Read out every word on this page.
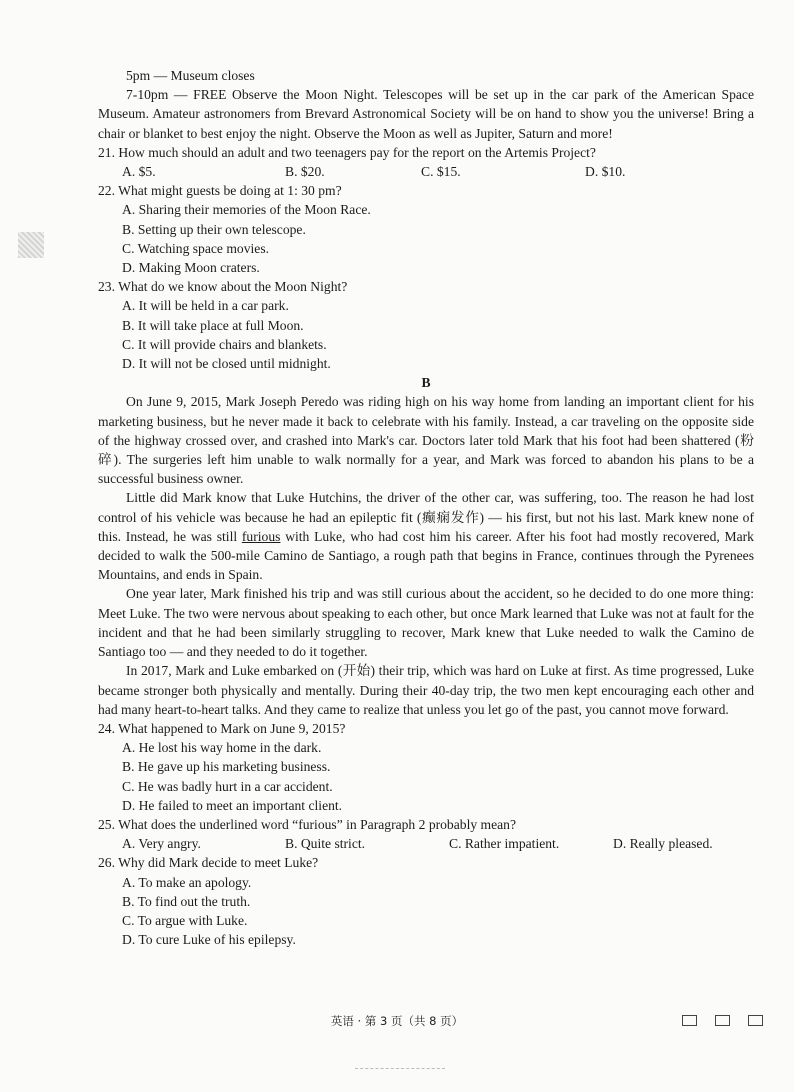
5pm — Museum closes

7-10pm — FREE Observe the Moon Night. Telescopes will be set up in the car park of the American Space Museum. Amateur astronomers from Brevard Astronomical Society will be on hand to show you the universe! Bring a chair or blanket to best enjoy the night. Observe the Moon as well as Jupiter, Saturn and more!

21. How much should an adult and two teenagers pay for the report on the Artemis Project?

A. $5.	B. $20.	C. $15.	D. $10.

22. What might guests be doing at 1: 30 pm?

A. Sharing their memories of the Moon Race.

B. Setting up their own telescope.

C. Watching space movies.

D. Making Moon craters.

23. What do we know about the Moon Night?

A. It will be held in a car park.

B. It will take place at full Moon.

C. It will provide chairs and blankets.

D. It will not be closed until midnight.

B

On June 9, 2015, Mark Joseph Peredo was riding high on his way home from landing an important client for his marketing business, but he never made it back to celebrate with his family. Instead, a car traveling on the opposite side of the highway crossed over, and crashed into Mark's car. Doctors later told Mark that his foot had been shattered (粉碎). The surgeries left him unable to walk normally for a year, and Mark was forced to abandon his plans to be a successful business owner.

Little did Mark know that Luke Hutchins, the driver of the other car, was suffering, too. The reason he had lost control of his vehicle was because he had an epileptic fit (癫痫发作) — his first, but not his last. Mark knew none of this. Instead, he was still furious with Luke, who had cost him his career. After his foot had mostly recovered, Mark decided to walk the 500-mile Camino de Santiago, a rough path that begins in France, continues through the Pyrenees Mountains, and ends in Spain.

One year later, Mark finished his trip and was still curious about the accident, so he decided to do one more thing: Meet Luke. The two were nervous about speaking to each other, but once Mark learned that Luke was not at fault for the incident and that he had been similarly struggling to recover, Mark knew that Luke needed to walk the Camino de Santiago too — and they needed to do it together.

In 2017, Mark and Luke embarked on (开始) their trip, which was hard on Luke at first. As time progressed, Luke became stronger both physically and mentally. During their 40-day trip, the two men kept encouraging each other and had many heart-to-heart talks. And they came to realize that unless you let go of the past, you cannot move forward.

24. What happened to Mark on June 9, 2015?

A. He lost his way home in the dark.

B. He gave up his marketing business.

C. He was badly hurt in a car accident.

D. He failed to meet an important client.

25. What does the underlined word “furious” in Paragraph 2 probably mean?

A. Very angry.	B. Quite strict.	C. Rather impatient.	D. Really pleased.

26. Why did Mark decide to meet Luke?

A. To make an apology.

B. To find out the truth.

C. To argue with Luke.

D. To cure Luke of his epilepsy.

英语 · 第 3 页（共 8 页）
